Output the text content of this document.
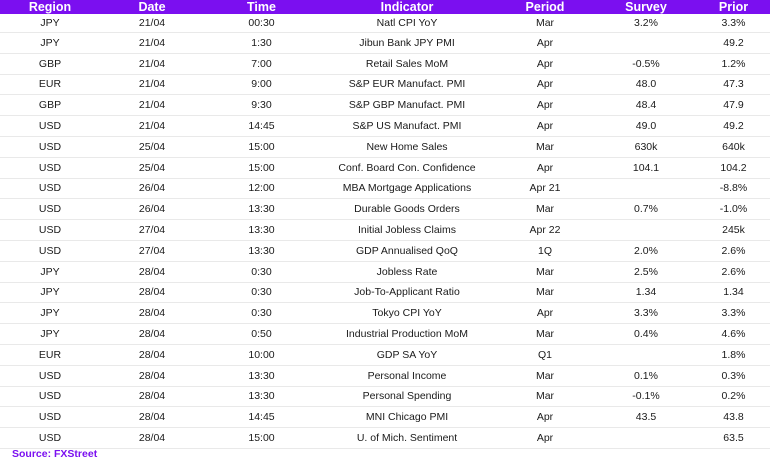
Region	Date	Time	Indicator	Period	Survey	Prior
JPY	21/04	00:30	Natl CPI YoY	Mar	3.2%	3.3%
JPY	21/04	1:30	Jibun Bank JPY PMI	Apr		49.2
GBP	21/04	7:00	Retail Sales MoM	Apr	-0.5%	1.2%
EUR	21/04	9:00	S&P EUR Manufact. PMI	Apr	48.0	47.3
GBP	21/04	9:30	S&P GBP Manufact. PMI	Apr	48.4	47.9
USD	21/04	14:45	S&P US Manufact. PMI	Apr	49.0	49.2
USD	25/04	15:00	New Home Sales	Mar	630k	640k
USD	25/04	15:00	Conf. Board Con. Confidence	Apr	104.1	104.2
USD	26/04	12:00	MBA Mortgage Applications	Apr 21		-8.8%
USD	26/04	13:30	Durable Goods Orders	Mar	0.7%	-1.0%
USD	27/04	13:30	Initial Jobless Claims	Apr 22		245k
USD	27/04	13:30	GDP Annualised QoQ	1Q	2.0%	2.6%
JPY	28/04	0:30	Jobless Rate	Mar	2.5%	2.6%
JPY	28/04	0:30	Job-To-Applicant Ratio	Mar	1.34	1.34
JPY	28/04	0:30	Tokyo CPI YoY	Apr	3.3%	3.3%
JPY	28/04	0:50	Industrial Production MoM	Mar	0.4%	4.6%
EUR	28/04	10:00	GDP SA YoY	Q1		1.8%
USD	28/04	13:30	Personal Income	Mar	0.1%	0.3%
USD	28/04	13:30	Personal Spending	Mar	-0.1%	0.2%
USD	28/04	14:45	MNI Chicago PMI	Apr	43.5	43.8
USD	28/04	15:00	U. of Mich. Sentiment	Apr		63.5
Source: FXStreet
